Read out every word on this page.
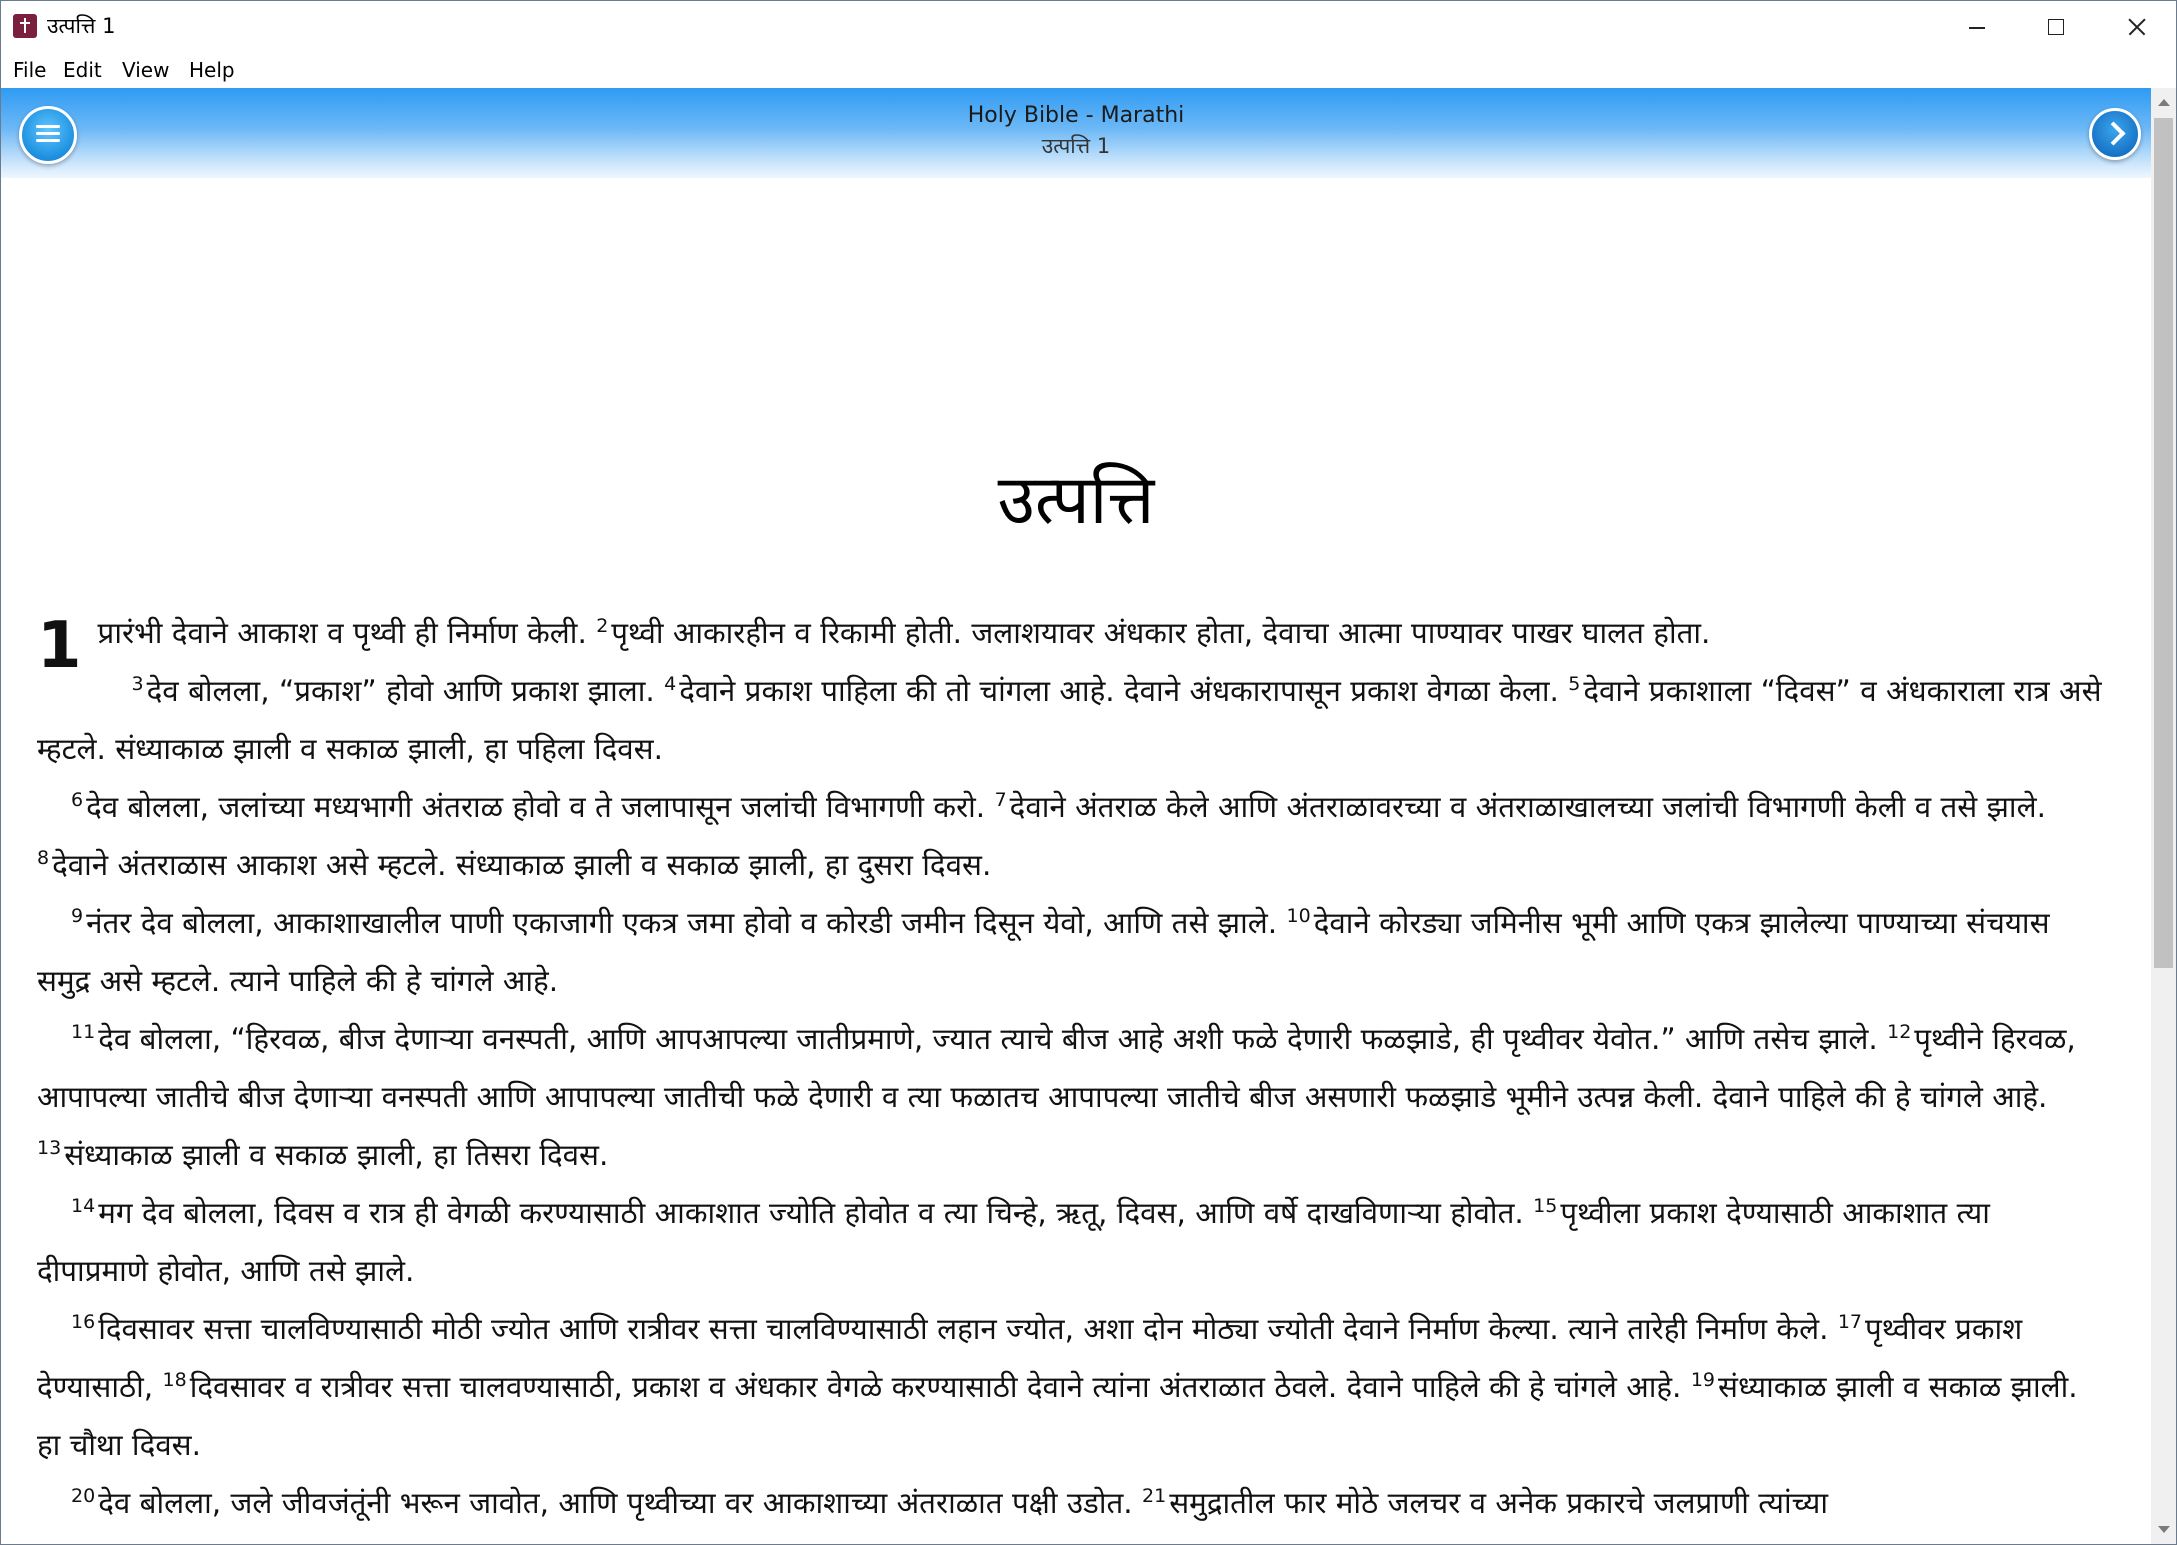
उत्पत्ति 1
File Edit View Help
Holy Bible - Marathi
उत्पत्ति 1
उत्पत्ति

1 प्रारंभी देवाने आकाश व पृथ्वी ही निर्माण केली. $^2$ पृथ्वी आकारहीन व रिकामी होती. जलाशयावर अंधकार होता, देवाचा आत्मा पाण्यावर पाखर घालत होता.

$^3$ देव बोलला, “प्रकाश” होवो आणि प्रकाश झाला. $^4$ देवाने प्रकाश पाहिला की तो चांगला आहे. देवाने अंधकारापासून प्रकाश वेगळा केला. $^5$ देवाने प्रकाशाला “दिवस” व अंधकाराला रात्र असे म्हटले. संध्याकाळ झाली व सकाळ झाली, हा पहिला दिवस.

$^6$ देव बोलला, जलांच्या मध्यभागी अंतराळ होवो व ते जलापासून जलांची विभागणी करो. $^7$ देवाने अंतराळ केले आणि अंतराळावरच्या व अंतराळाखालच्या जलांची विभागणी केली व तसे झाले. $^8$ देवाने अंतराळास आकाश असे म्हटले. संध्याकाळ झाली व सकाळ झाली, हा दुसरा दिवस.

$^9$ नंतर देव बोलला, आकाशाखालील पाणी एकाजागी एकत्र जमा होवो व कोरडी जमीन दिसून येवो, आणि तसे झाले. $^{10}$ देवाने कोरड्या जमिनीस भूमी आणि एकत्र झालेल्या पाण्याच्या संचयास समुद्र असे म्हटले. त्याने पाहिले की हे चांगले आहे.

$^{11}$ देव बोलला, “हिरवळ, बीज देणाऱ्या वनस्पती, आणि आपआपल्या जातीप्रमाणे, ज्यात त्याचे बीज आहे अशी फळे देणारी फळझाडे, ही पृथ्वीवर येवोत.” आणि तसेच झाले. $^{12}$ पृथ्वीने हिरवळ, आपापल्या जातीचे बीज देणाऱ्या वनस्पती आणि आपापल्या जातीची फळे देणारी व त्या फळातच आपापल्या जातीचे बीज असणारी फळझाडे भूमीने उत्पन्न केली. देवाने पाहिले की हे चांगले आहे. $^{13}$ संध्याकाळ झाली व सकाळ झाली, हा तिसरा दिवस.

$^{14}$ मग देव बोलला, दिवस व रात्र ही वेगळी करण्यासाठी आकाशात ज्योति होवोत व त्या चिन्हे, ऋतू, दिवस, आणि वर्षे दाखविणाऱ्या होवोत. $^{15}$ पृथ्वीला प्रकाश देण्यासाठी आकाशात त्या दीपाप्रमाणे होवोत, आणि तसे झाले.

$^{16}$ दिवसावर सत्ता चालविण्यासाठी मोठी ज्योत आणि रात्रीवर सत्ता चालविण्यासाठी लहान ज्योत, अशा दोन मोठ्या ज्योती देवाने निर्माण केल्या. त्याने तारेही निर्माण केले. $^{17}$ पृथ्वीवर प्रकाश देण्यासाठी, $^{18}$ दिवसावर व रात्रीवर सत्ता चालवण्यासाठी, प्रकाश व अंधकार वेगळे करण्यासाठी देवाने त्यांना अंतराळात ठेवले. देवाने पाहिले की हे चांगले आहे. $^{19}$ संध्याकाळ झाली व सकाळ झाली. हा चौथा दिवस.

$^{20}$ देव बोलला, जले जीवजंतूंनी भरून जावोत, आणि पृथ्वीच्या वर आकाशाच्या अंतराळात पक्षी उडोत. $^{21}$ समुद्रातील फार मोठे जलचर व अनेक प्रकारचे जलप्राणी त्यांच्या
